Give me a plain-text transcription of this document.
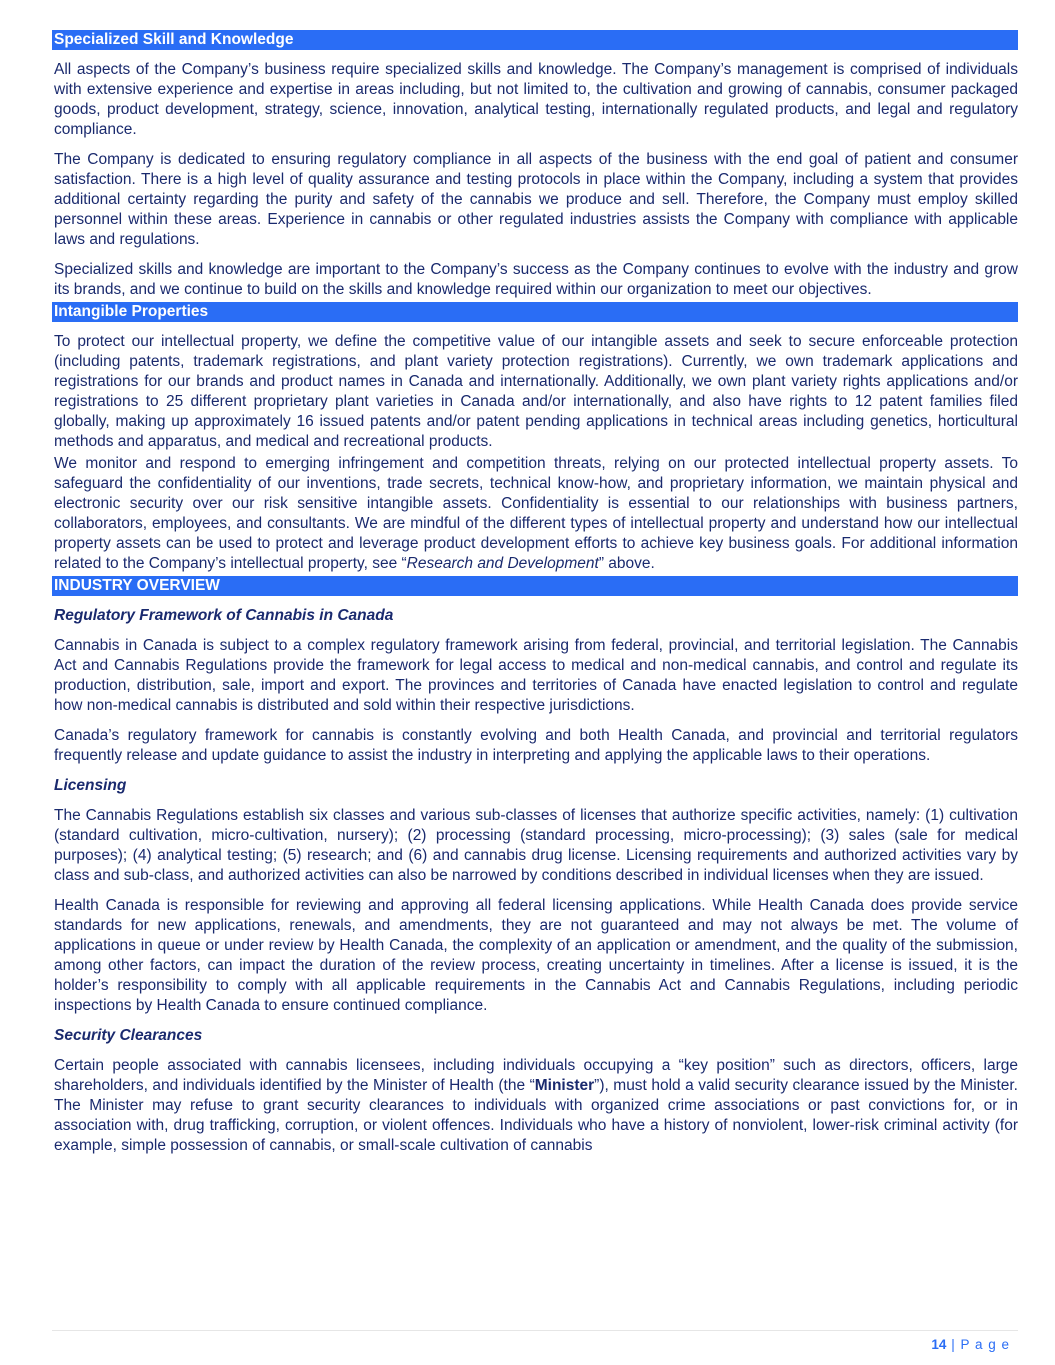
Specialized Skill and Knowledge

All aspects of the Company’s business require specialized skills and knowledge. The Company’s management is comprised of individuals with extensive experience and expertise in areas including, but not limited to, the cultivation and growing of cannabis, consumer packaged goods, product development, strategy, science, innovation, analytical testing, internationally regulated products, and legal and regulatory compliance.

The Company is dedicated to ensuring regulatory compliance in all aspects of the business with the end goal of patient and consumer satisfaction. There is a high level of quality assurance and testing protocols in place within the Company, including a system that provides additional certainty regarding the purity and safety of the cannabis we produce and sell. Therefore, the Company must employ skilled personnel within these areas. Experience in cannabis or other regulated industries assists the Company with compliance with applicable laws and regulations.

Specialized skills and knowledge are important to the Company’s success as the Company continues to evolve with the industry and grow its brands, and we continue to build on the skills and knowledge required within our organization to meet our objectives.

Intangible Properties

To protect our intellectual property, we define the competitive value of our intangible assets and seek to secure enforceable protection (including patents, trademark registrations, and plant variety protection registrations). Currently, we own trademark applications and registrations for our brands and product names in Canada and internationally. Additionally, we own plant variety rights applications and/or registrations to 25 different proprietary plant varieties in Canada and/or internationally, and also have rights to 12 patent families filed globally, making up approximately 16 issued patents and/or patent pending applications in technical areas including genetics, horticultural methods and apparatus, and medical and recreational products.

We monitor and respond to emerging infringement and competition threats, relying on our protected intellectual property assets. To safeguard the confidentiality of our inventions, trade secrets, technical know-how, and proprietary information, we maintain physical and electronic security over our risk sensitive intangible assets. Confidentiality is essential to our relationships with business partners, collaborators, employees, and consultants. We are mindful of the different types of intellectual property and understand how our intellectual property assets can be used to protect and leverage product development efforts to achieve key business goals. For additional information related to the Company’s intellectual property, see “Research and Development” above.

INDUSTRY OVERVIEW
Regulatory Framework of Cannabis in Canada

Cannabis in Canada is subject to a complex regulatory framework arising from federal, provincial, and territorial legislation. The Cannabis Act and Cannabis Regulations provide the framework for legal access to medical and non-medical cannabis, and control and regulate its production, distribution, sale, import and export. The provinces and territories of Canada have enacted legislation to control and regulate how non-medical cannabis is distributed and sold within their respective jurisdictions.

Canada’s regulatory framework for cannabis is constantly evolving and both Health Canada, and provincial and territorial regulators frequently release and update guidance to assist the industry in interpreting and applying the applicable laws to their operations.

Licensing

The Cannabis Regulations establish six classes and various sub-classes of licenses that authorize specific activities, namely: (1) cultivation (standard cultivation, micro-cultivation, nursery); (2) processing (standard processing, micro-processing); (3) sales (sale for medical purposes); (4) analytical testing; (5) research; and (6) and cannabis drug license. Licensing requirements and authorized activities vary by class and sub-class, and authorized activities can also be narrowed by conditions described in individual licenses when they are issued.

Health Canada is responsible for reviewing and approving all federal licensing applications. While Health Canada does provide service standards for new applications, renewals, and amendments, they are not guaranteed and may not always be met. The volume of applications in queue or under review by Health Canada, the complexity of an application or amendment, and the quality of the submission, among other factors, can impact the duration of the review process, creating uncertainty in timelines. After a license is issued, it is the holder’s responsibility to comply with all applicable requirements in the Cannabis Act and Cannabis Regulations, including periodic inspections by Health Canada to ensure continued compliance.

Security Clearances

Certain people associated with cannabis licensees, including individuals occupying a “key position” such as directors, officers, large shareholders, and individuals identified by the Minister of Health (the “Minister”), must hold a valid security clearance issued by the Minister. The Minister may refuse to grant security clearances to individuals with organized crime associations or past convictions for, or in association with, drug trafficking, corruption, or violent offences. Individuals who have a history of nonviolent, lower-risk criminal activity (for example, simple possession of cannabis, or small-scale cultivation of cannabis

14 | P a g e
